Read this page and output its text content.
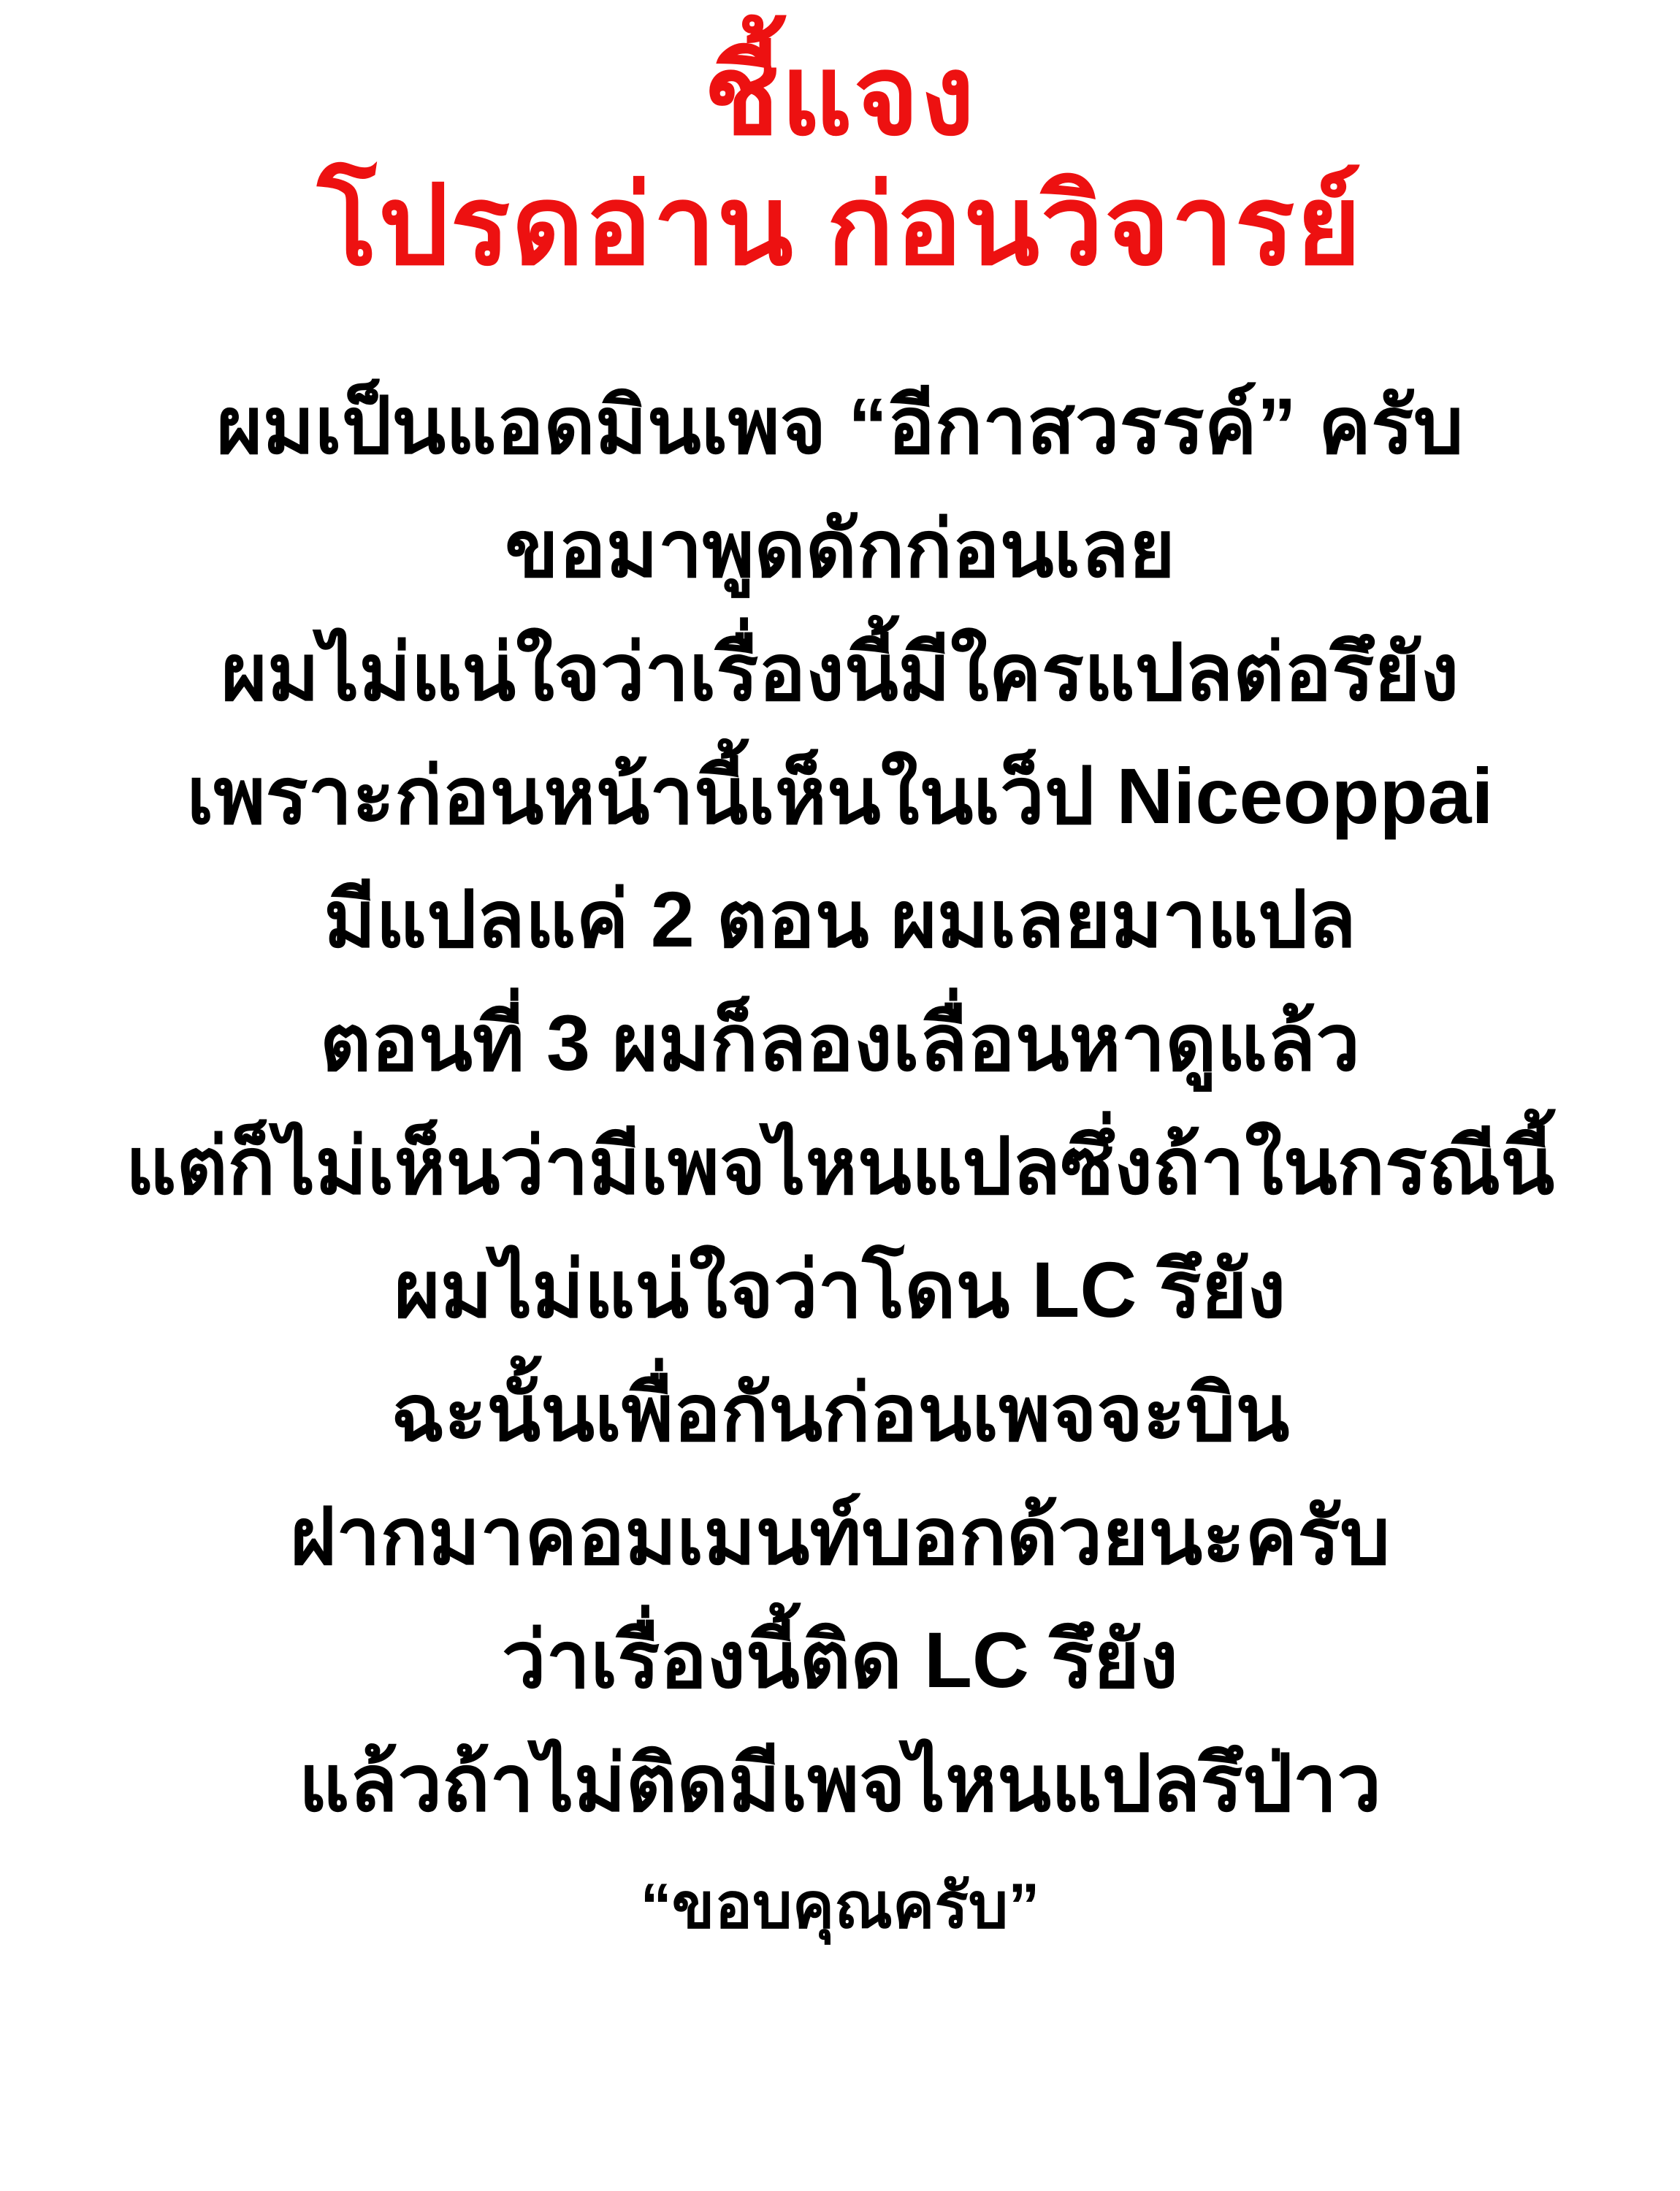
ชี้แจง
โปรดอ่าน ก่อนวิจารย์
ผมเป็นแอดมินเพจ “อีกาสวรรค์” ครับ
ขอมาพูดดักก่อนเลย
ผมไม่แน่ใจว่าเรื่องนี้มีใครแปลต่อรึยัง
เพราะก่อนหน้านี้เห็นในเว็ป Niceoppai
มีแปลแค่ 2 ตอน ผมเลยมาแปล
ตอนที่ 3 ผมก็ลองเลื่อนหาดูแล้ว
แต่ก็ไม่เห็นว่ามีเพจไหนแปลซึ่งถ้าในกรณีนี้
ผมไม่แน่ใจว่าโดน LC รึยัง
ฉะนั้นเพื่อกันก่อนเพจจะบิน
ฝากมาคอมเมนท์บอกด้วยนะครับ
ว่าเรื่องนี้ติด LC รึยัง
แล้วถ้าไม่ติดมีเพจไหนแปลรึป่าว
“ขอบคุณครับ”
